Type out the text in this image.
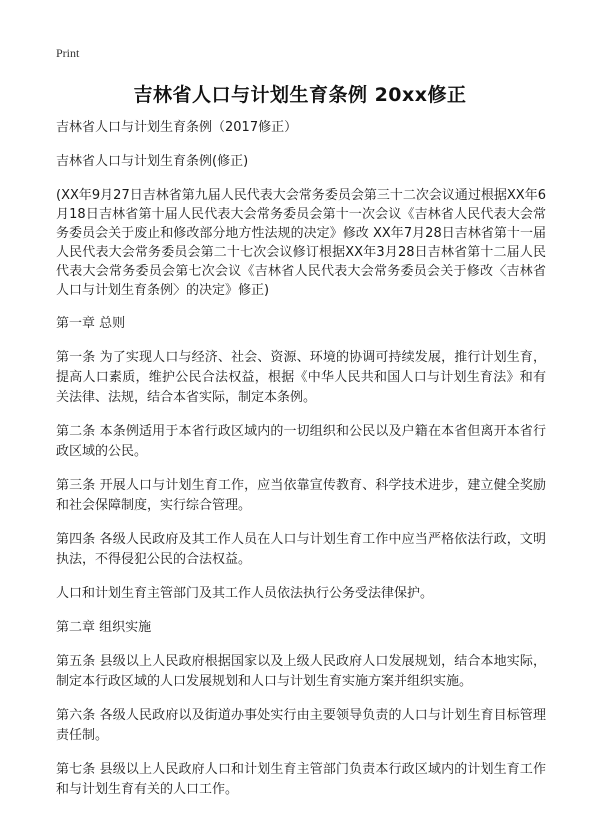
Print
吉林省人口与计划生育条例 20xx修正

吉林省人口与计划生育条例（2017修正）

吉林省人口与计划生育条例(修正)

(XX年9月27日吉林省第九届人民代表大会常务委员会第三十二次会议通过根据XX年6月18日吉林省第十届人民代表大会常务委员会第十一次会议《吉林省人民代表大会常务委员会关于废止和修改部分地方性法规的决定》修改 XX年7月28日吉林省第十一届人民代表大会常务委员会第二十七次会议修订根据XX年3月28日吉林省第十二届人民代表大会常务委员会第七次会议《吉林省人民代表大会常务委员会关于修改〈吉林省人口与计划生育条例〉的决定》修正)

第一章 总则

第一条 为了实现人口与经济、社会、资源、环境的协调可持续发展，推行计划生育，提高人口素质，维护公民合法权益，根据《中华人民共和国人口与计划生育法》和有关法律、法规，结合本省实际，制定本条例。

第二条 本条例适用于本省行政区域内的一切组织和公民以及户籍在本省但离开本省行政区域的公民。

第三条 开展人口与计划生育工作，应当依靠宣传教育、科学技术进步，建立健全奖励和社会保障制度，实行综合管理。

第四条 各级人民政府及其工作人员在人口与计划生育工作中应当严格依法行政，文明执法，不得侵犯公民的合法权益。

人口和计划生育主管部门及其工作人员依法执行公务受法律保护。

第二章 组织实施

第五条 县级以上人民政府根据国家以及上级人民政府人口发展规划，结合本地实际，制定本行政区域的人口发展规划和人口与计划生育实施方案并组织实施。

第六条 各级人民政府以及街道办事处实行由主要领导负责的人口与计划生育目标管理责任制。

第七条 县级以上人民政府人口和计划生育主管部门负责本行政区域内的计划生育工作和与计划生育有关的人口工作。
